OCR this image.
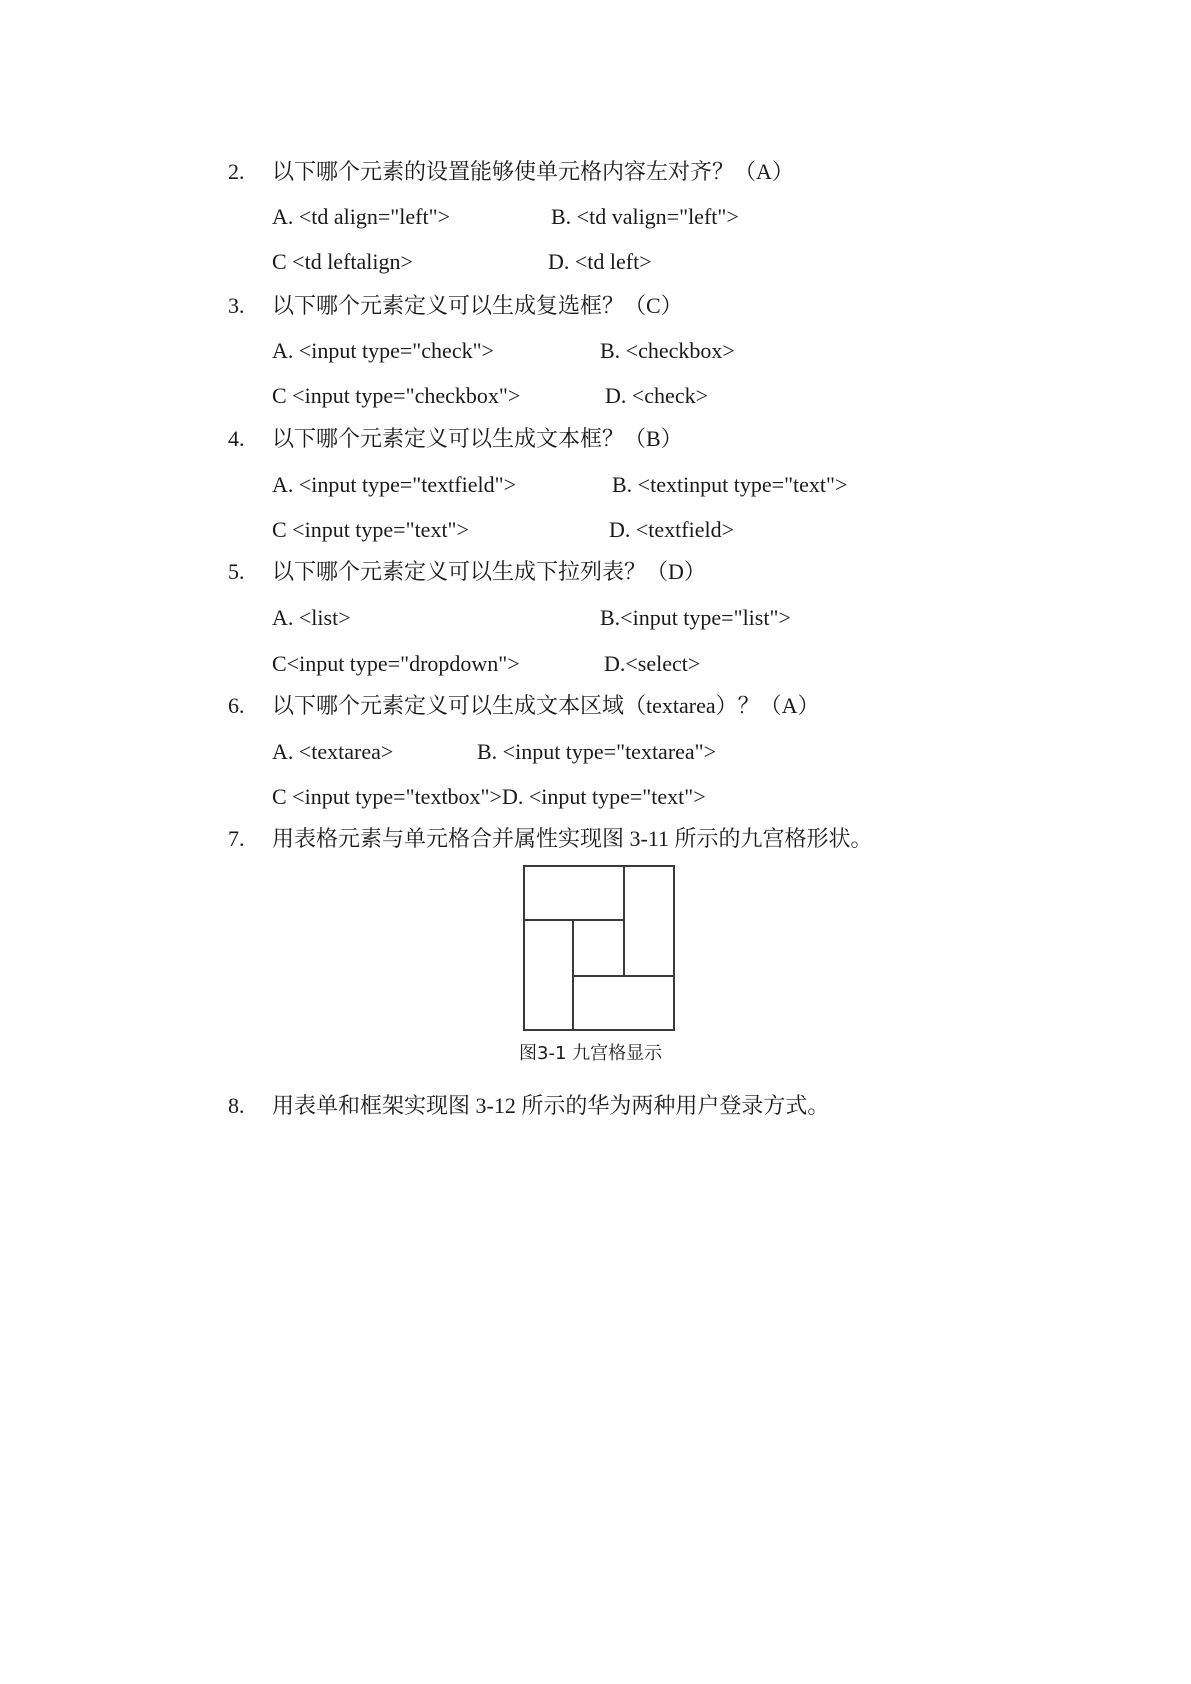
2. 以下哪个元素的设置能够使单元格内容左对齐？（A）
A. <td align="left">	B. <td valign="left">
C <td leftalign>	D. <td left>
3. 以下哪个元素定义可以生成复选框？（C）
A. <input type="check">	B. <checkbox>
C <input type="checkbox">	D. <check>
4. 以下哪个元素定义可以生成文本框？（B）
A. <input type="textfield">	B. <textinput type="text">
C <input type="text">	D. <textfield>
5. 以下哪个元素定义可以生成下拉列表？（D）
A. <list>	B.<input type="list">
C<input type="dropdown">	D.<select>
6. 以下哪个元素定义可以生成文本区域（textarea）？（A）
A. <textarea>	B. <input type="textarea">
C <input type="textbox">D. <input type="text">
7. 用表格元素与单元格合并属性实现图 3-11 所示的九宫格形状。
图3-1 九宫格显示
8. 用表单和框架实现图 3-12 所示的华为两种用户登录方式。
